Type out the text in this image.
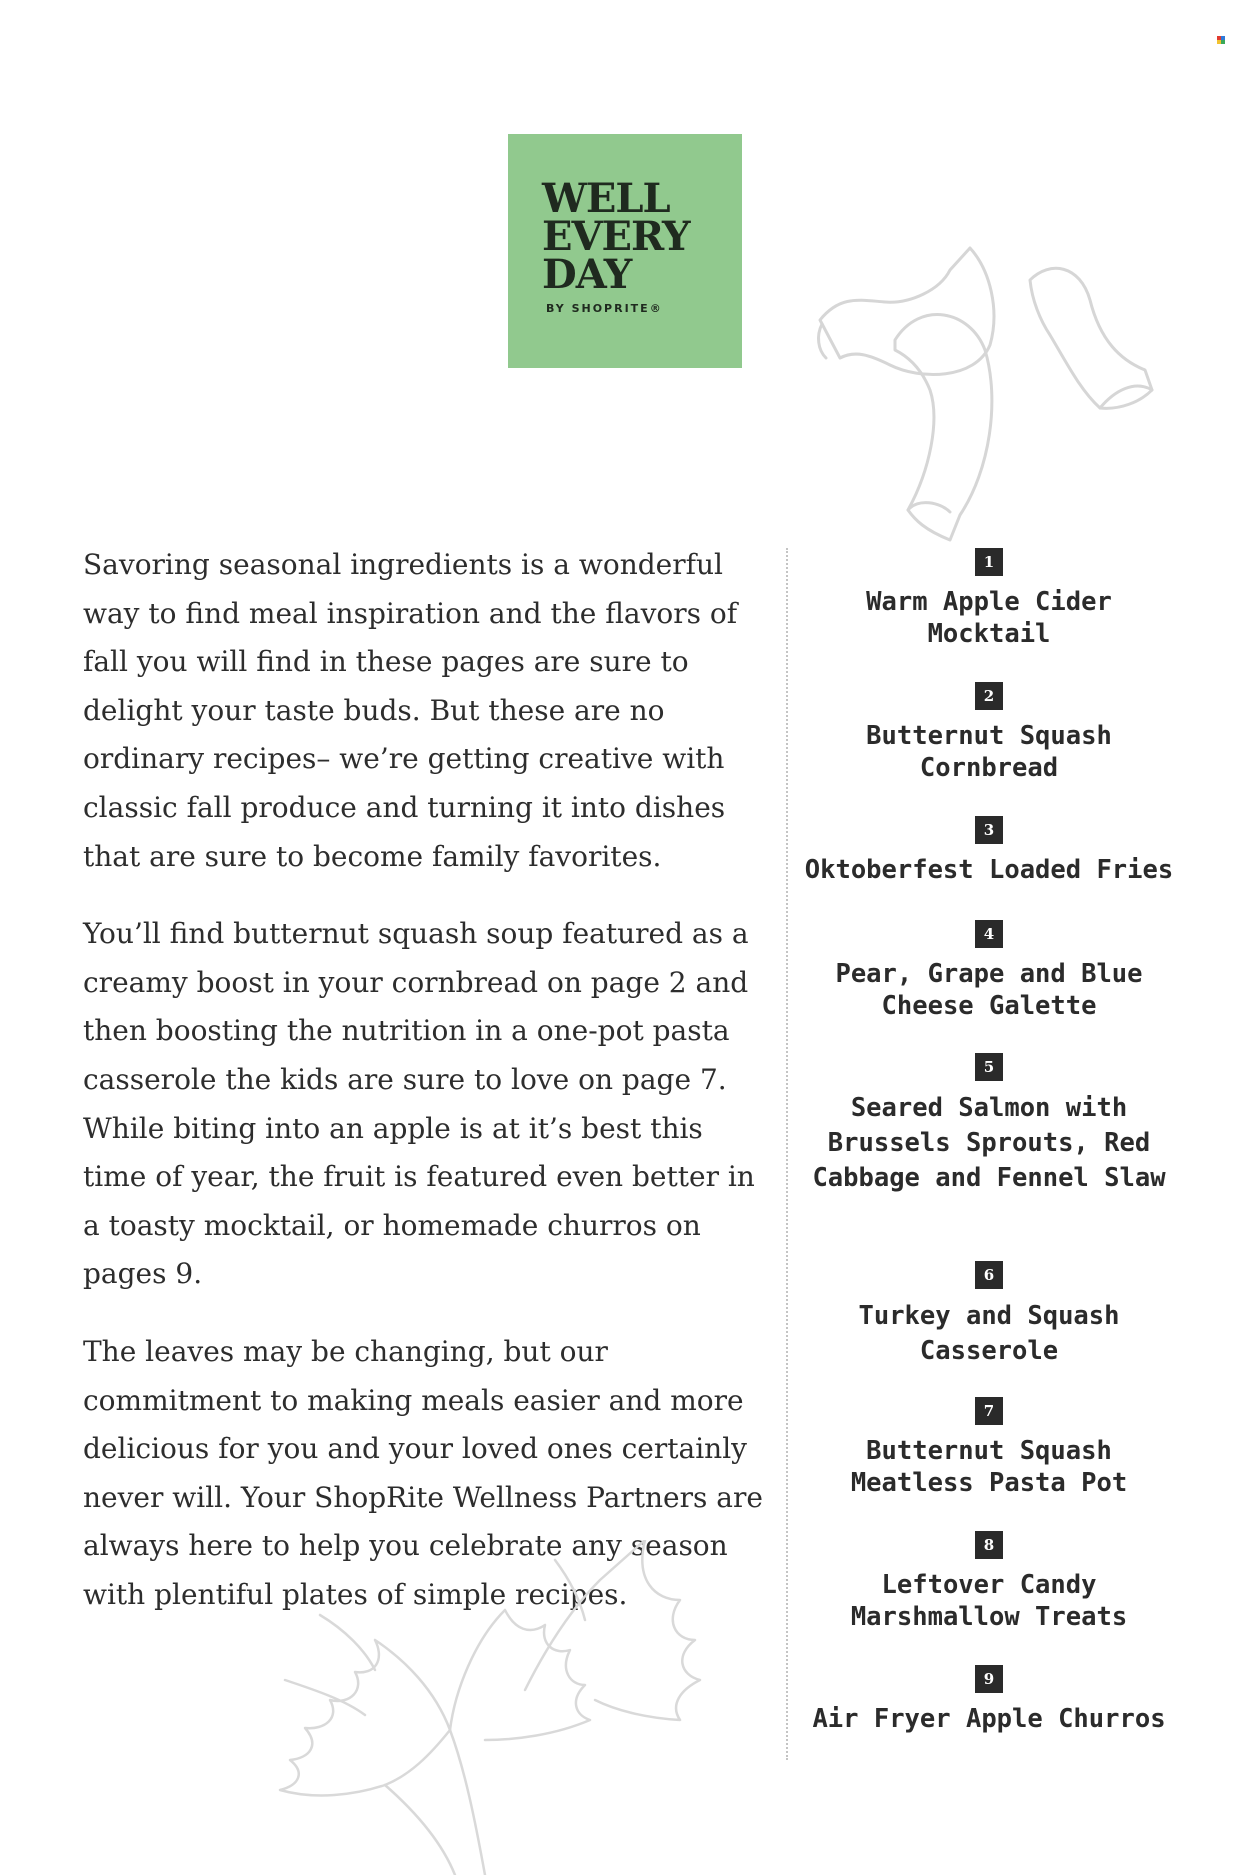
WELL
EVERY
DAY
BY SHOPRITE®

Savoring seasonal ingredients is a wonderful way to find meal inspiration and the flavors of fall you will find in these pages are sure to delight your taste buds. But these are no ordinary recipes– we’re getting creative with classic fall produce and turning it into dishes that are sure to become family favorites.

You’ll find butternut squash soup featured as a creamy boost in your cornbread on page 2 and then boosting the nutrition in a one-pot pasta casserole the kids are sure to love on page 7. While biting into an apple is at it’s best this time of year, the fruit is featured even better in a toasty mocktail, or homemade churros on pages 9.

The leaves may be changing, but our commitment to making meals easier and more delicious for you and your loved ones certainly never will. Your ShopRite Wellness Partners are always here to help you celebrate any season with plentiful plates of simple recipes.

1
Warm Apple Cider Mocktail
2
Butternut Squash Cornbread
3
Oktoberfest Loaded Fries
4
Pear, Grape and Blue Cheese Galette
5
Seared Salmon with Brussels Sprouts, Red Cabbage and Fennel Slaw
6
Turkey and Squash Casserole
7
Butternut Squash Meatless Pasta Pot
8
Leftover Candy Marshmallow Treats
9
Air Fryer Apple Churros
